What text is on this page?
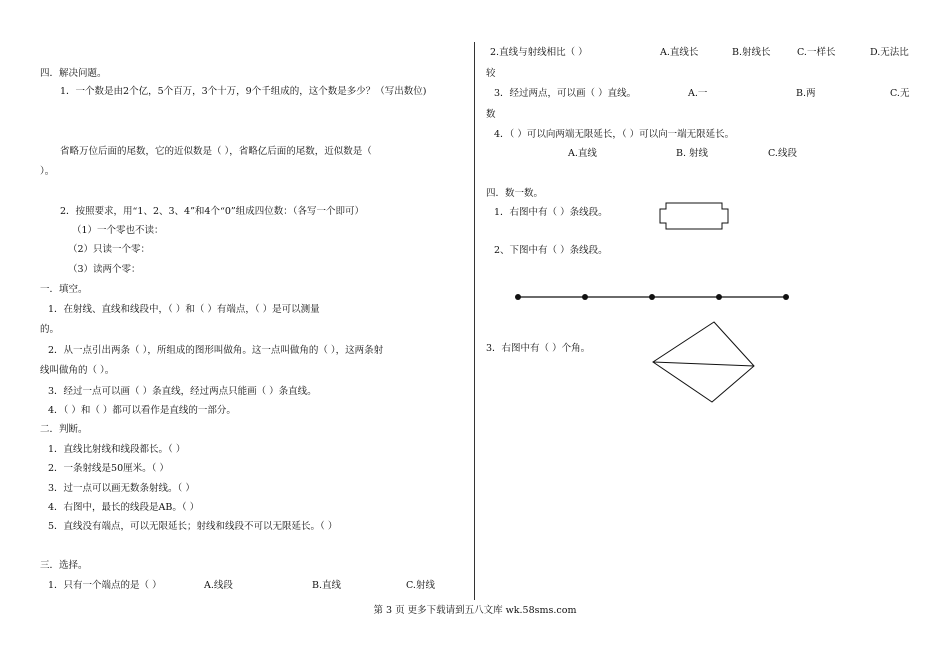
四．解决问题。
1．一个数是由2个亿，5个百万，3个十万，9个千组成的，这个数是多少？（写出数位)
省略万位后面的尾数，它的近似数是（ ），省略亿后面的尾数，近似数是（
）。
2．按照要求，用“1、2、3、4”和4个“0”组成四位数：（各写一个即可）
（1）一个零也不读：
（2）只读一个零：
（3）读两个零：
一．填空。
1．在射线、直线和线段中，（ ）和（ ）有端点，（ ）是可以测量
的。
2．从一点引出两条（ ），所组成的图形叫做角。这一点叫做角的（ ），这两条射
线叫做角的（ ）。
3．经过一点可以画（ ）条直线，经过两点只能画（ ）条直线。
4．（ ）和（ ）都可以看作是直线的一部分。
二．判断。
1．直线比射线和线段都长。（ ）
2．一条射线是50厘米。（ ）
3．过一点可以画无数条射线。（ ）
4．右图中，最长的线段是AB。（ ）
5．直线没有端点，可以无限延长；射线和线段不可以无限延长。（ ）
三．选择。
1．只有一个端点的是（ ）	A.线段	B.直线	C.射线
2.直线与射线相比（ ）	A.直线长	B.射线长	C.一样长	D.无法比
较
3．经过两点，可以画（ ）直线。	A.一	B.两	C.无
数
4．（ ）可以向两端无限延长，（ ）可以向一端无限延长。
A.直线	B. 射线	C.线段
四．数一数。
1．右图中有（ ）条线段。
2、下图中有（ ）条线段。
3．右图中有（ ）个角。
第 3 页 更多下载请到五八文库 wk.58sms.com
